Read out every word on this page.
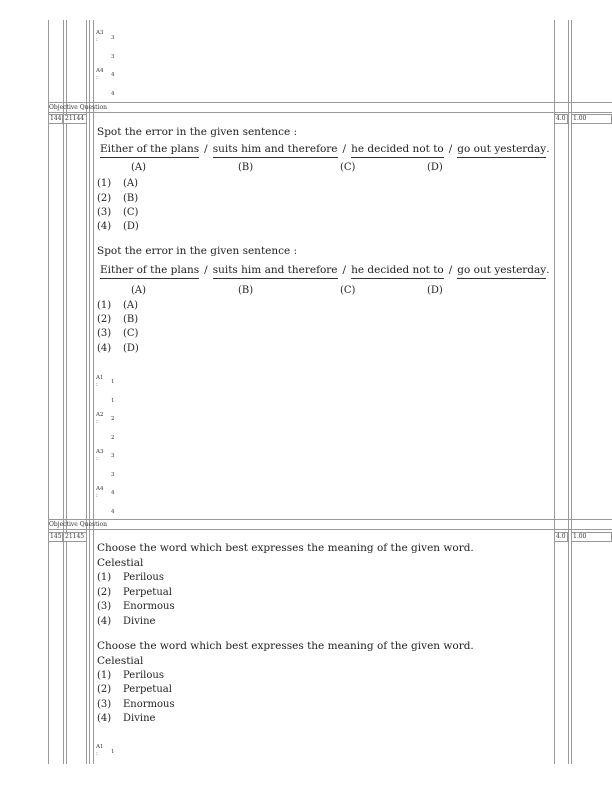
A3
: 3
3
A4
: 4
4
Objective Question
144 21144	4.0	1.00
Spot the error in the given sentence :
Either of the plans / suits him and therefore / he decided not to / go out yesterday .
(A)	(B)	(C)	(D)
(1)	(A)
(2)	(B)
(3)	(C)
(4)	(D)
Spot the error in the given sentence :
Either of the plans / suits him and therefore / he decided not to / go out yesterday .
(A)	(B)	(C)	(D)
(1)	(A)
(2)	(B)
(3)	(C)
(4)	(D)
A1
: 1
1
A2
: 2
2
A3
: 3
3
A4
: 4
4
Objective Question
145 21145	4.0	1.00
Choose the word which best expresses the meaning of the given word.
Celestial
(1)	Perilous
(2)	Perpetual
(3)	Enormous
(4)	Divine
Choose the word which best expresses the meaning of the given word.
Celestial
(1)	Perilous
(2)	Perpetual
(3)	Enormous
(4)	Divine
A1
: 1
